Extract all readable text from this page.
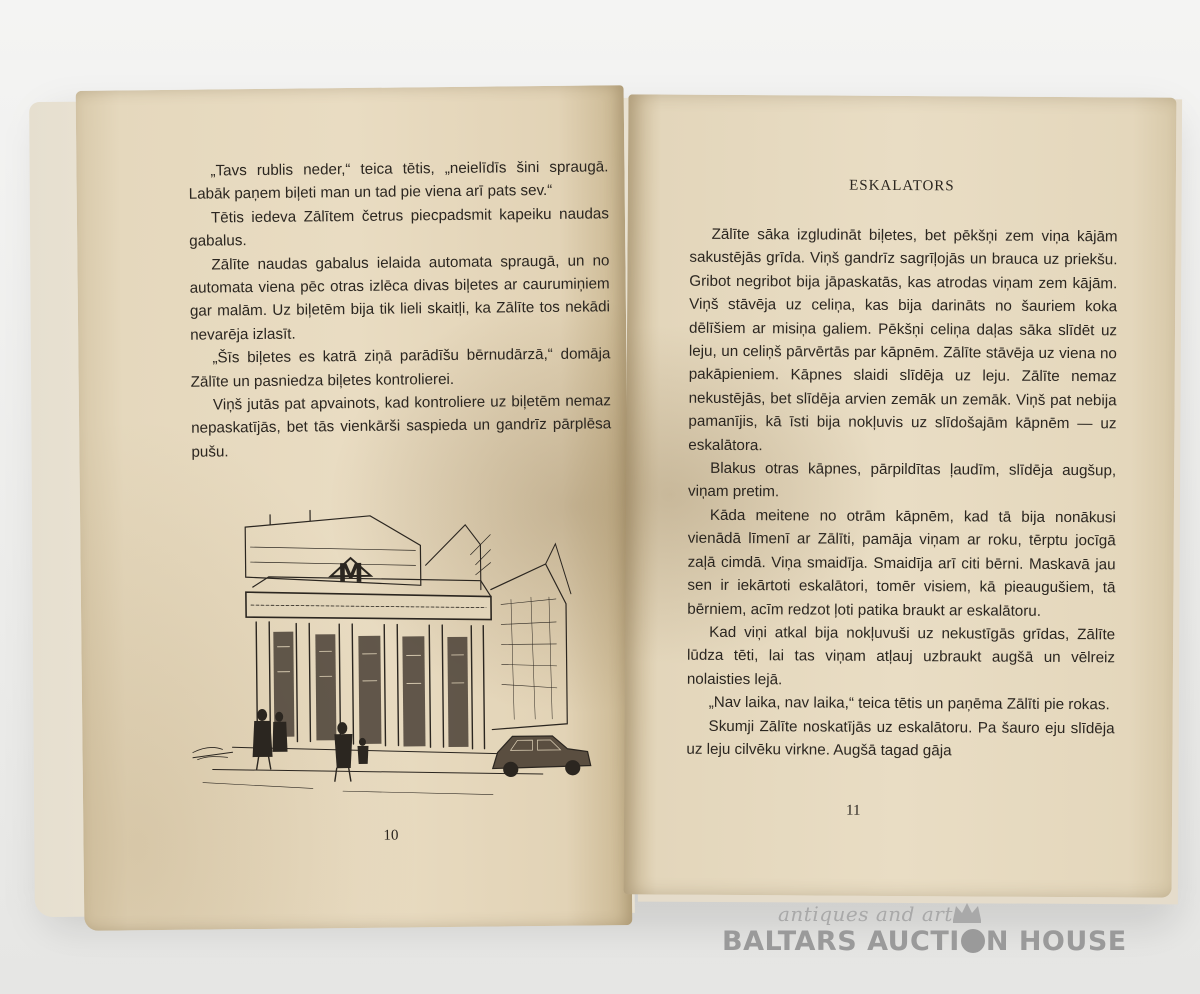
„Tavs rublis neder,“ teica tētis, „neielīdīs šini spraugā. Labāk paņem biļeti man un tad pie viena arī pats sev.“

Tētis iedeva Zālītem četrus piecpadsmit kapeiku naudas gabalus.

Zālīte naudas gabalus ielaida automata spraugā, un no automata viena pēc otras izlēca divas biļetes ar caurumiņiem gar malām. Uz biļetēm bija tik lieli skaitļi, ka Zālīte tos nekādi nevarēja izlasīt.

„Šīs biļetes es katrā ziņā parādīšu bērnudārzā,“ domāja Zālīte un pasniedza biļetes kontrolierei.

Viņš jutās pat apvainots, kad kontroliere uz biļetēm nemaz nepaskatījās, bet tās vienkārši saspieda un gandrīz pārplēsa pušu.

M
10
ESKALATORS

Zālīte sāka izgludināt biļetes, bet pēkšņi zem viņa kājām sakustējās grīda. Viņš gandrīz sagrīļojās un brauca uz priekšu. Gribot negribot bija jāpaskatās, kas atrodas viņam zem kājām. Viņš stāvēja uz celiņa, kas bija darināts no šauriem koka dēlīšiem ar misiņa galiem. Pēkšņi celiņa daļas sāka slīdēt uz leju, un celiņš pārvērtās par kāpnēm. Zālīte stāvēja uz viena no pakāpieniem. Kāpnes slaidi slīdēja uz leju. Zālīte nemaz nekustējās, bet slīdēja arvien zemāk un zemāk. Viņš pat nebija pamanījis, kā īsti bija nokļuvis uz slīdošajām kāpnēm — uz eskalātora.

Blakus otras kāpnes, pārpildītas ļaudīm, slīdēja augšup, viņam pretim.

Kāda meitene no otrām kāpnēm, kad tā bija nonākusi vienādā līmenī ar Zālīti, pamāja viņam ar roku, tērptu jocīgā zaļā cimdā. Viņa smaidīja. Smaidīja arī citi bērni. Maskavā jau sen ir iekārtoti eskalātori, tomēr visiem, kā pieaugušiem, tā bērniem, acīm redzot ļoti patika braukt ar eskalātoru.

Kad viņi atkal bija nokļuvuši uz nekustīgās grīdas, Zālīte lūdza tēti, lai tas viņam atļauj uzbraukt augšā un vēlreiz nolaisties lejā.

„Nav laika, nav laika,“ teica tētis un paņēma Zālīti pie rokas.

Skumji Zālīte noskatījās uz eskalātoru. Pa šauro eju slīdēja uz leju cilvēku virkne. Augšā tagad gāja

11
antiques and art
BALTARS AUCTI N HOUSE
